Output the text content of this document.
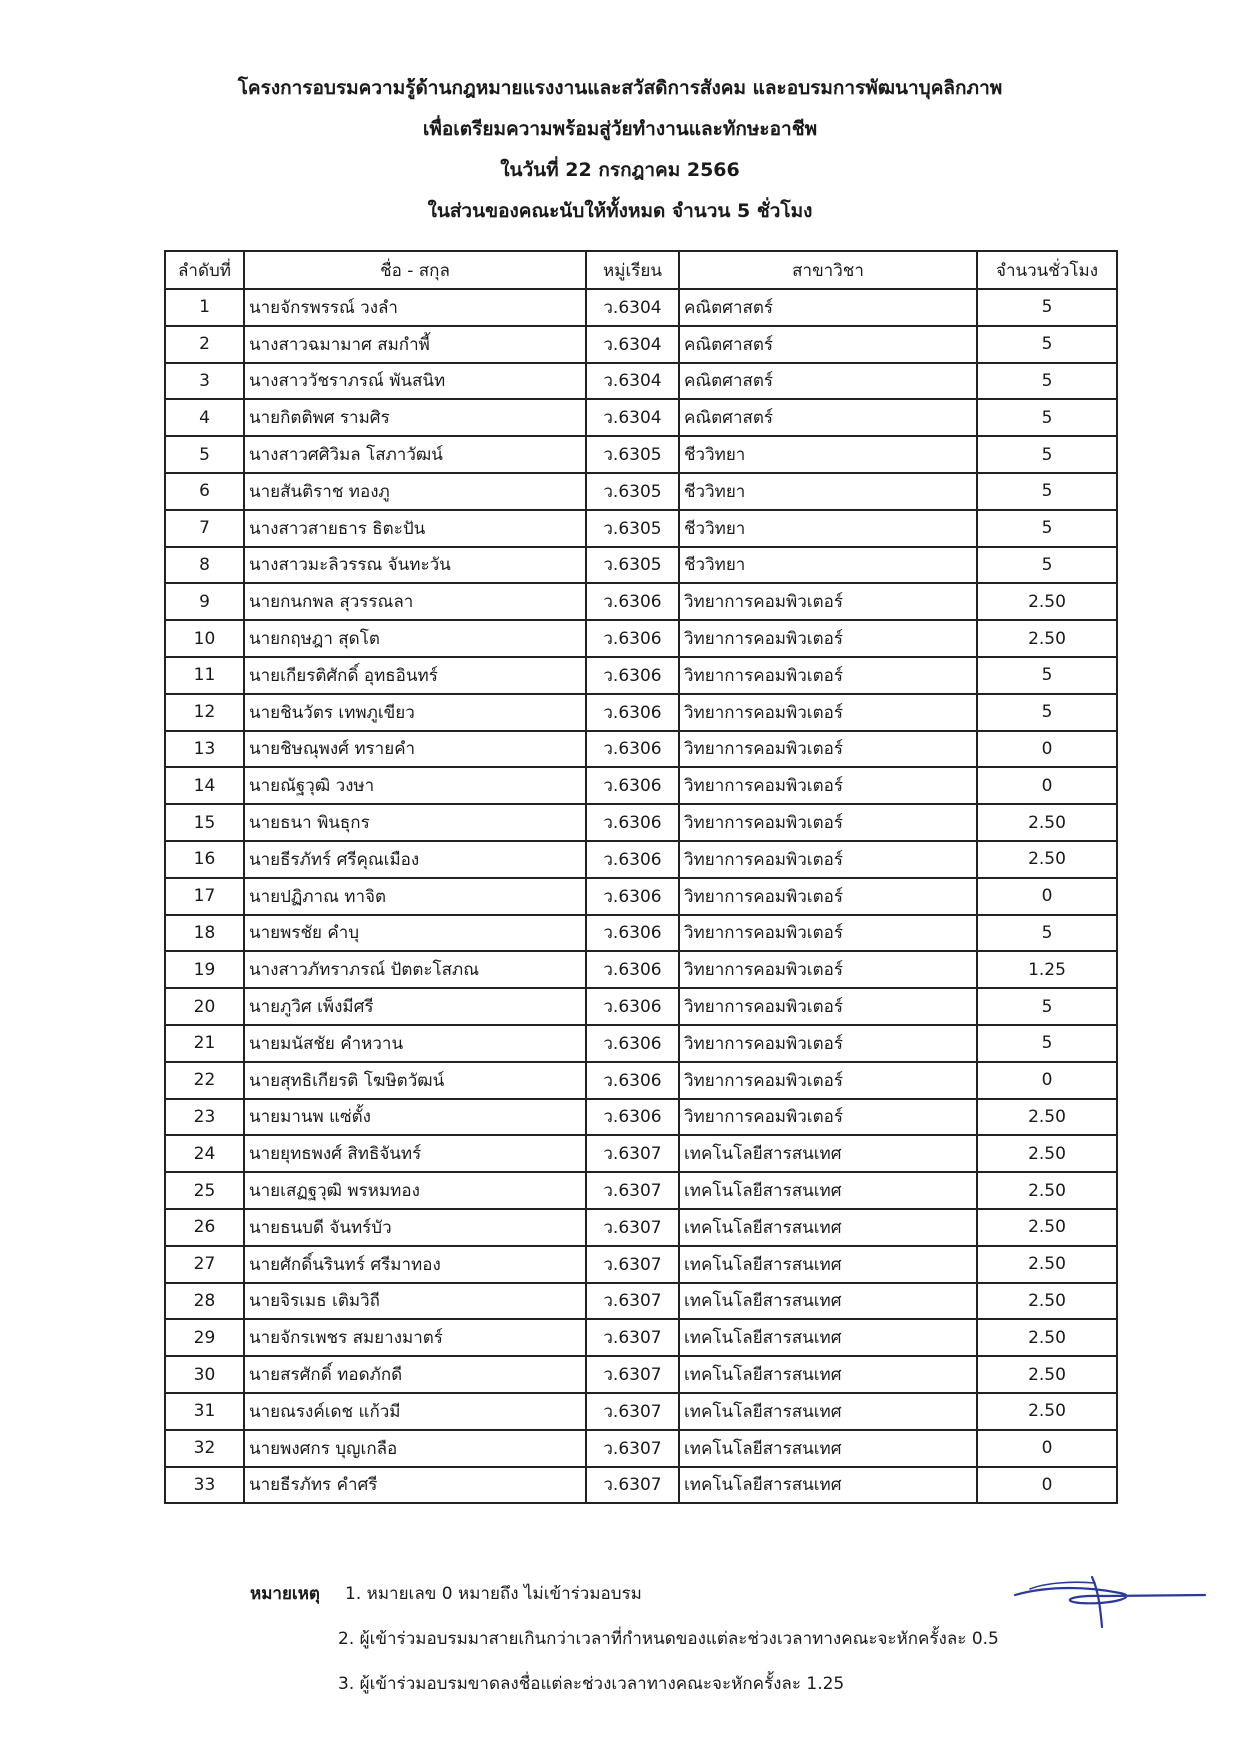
โครงการอบรมความรู้ด้านกฎหมายแรงงานและสวัสดิการสังคม และอบรมการพัฒนาบุคลิกภาพ
เพื่อเตรียมความพร้อมสู่วัยทำงานและทักษะอาชีพ
ในวันที่ 22 กรกฎาคม 2566
ในส่วนของคณะนับให้ทั้งหมด จำนวน 5 ชั่วโมง
ลำดับที่	ชื่อ - สกุล	หมู่เรียน	สาขาวิชา	จำนวนชั่วโมง
1	นายจักรพรรณ์ วงลำ	ว.6304	คณิตศาสตร์	5
2	นางสาวฉมามาศ สมกำพี้	ว.6304	คณิตศาสตร์	5
3	นางสาววัชราภรณ์ พันสนิท	ว.6304	คณิตศาสตร์	5
4	นายกิตติพศ รามศิร	ว.6304	คณิตศาสตร์	5
5	นางสาวศศิวิมล โสภาวัฒน์	ว.6305	ชีววิทยา	5
6	นายสันติราช ทองภู	ว.6305	ชีววิทยา	5
7	นางสาวสายธาร ธิตะปัน	ว.6305	ชีววิทยา	5
8	นางสาวมะลิวรรณ จันทะวัน	ว.6305	ชีววิทยา	5
9	นายกนกพล สุวรรณลา	ว.6306	วิทยาการคอมพิวเตอร์	2.50
10	นายกฤษฎา สุดโต	ว.6306	วิทยาการคอมพิวเตอร์	2.50
11	นายเกียรติศักดิ์ อุทธอินทร์	ว.6306	วิทยาการคอมพิวเตอร์	5
12	นายชินวัตร เทพภูเขียว	ว.6306	วิทยาการคอมพิวเตอร์	5
13	นายชิษณุพงศ์ ทรายคำ	ว.6306	วิทยาการคอมพิวเตอร์	0
14	นายณัฐวุฒิ วงษา	ว.6306	วิทยาการคอมพิวเตอร์	0
15	นายธนา พินธุกร	ว.6306	วิทยาการคอมพิวเตอร์	2.50
16	นายธีรภัทร์ ศรีคุณเมือง	ว.6306	วิทยาการคอมพิวเตอร์	2.50
17	นายปฏิภาณ ทาจิต	ว.6306	วิทยาการคอมพิวเตอร์	0
18	นายพรชัย คำบุ	ว.6306	วิทยาการคอมพิวเตอร์	5
19	นางสาวภัทราภรณ์ ปัตตะโสภณ	ว.6306	วิทยาการคอมพิวเตอร์	1.25
20	นายภูวิศ เพ็งมีศรี	ว.6306	วิทยาการคอมพิวเตอร์	5
21	นายมนัสชัย คำหวาน	ว.6306	วิทยาการคอมพิวเตอร์	5
22	นายสุทธิเกียรติ โฆษิตวัฒน์	ว.6306	วิทยาการคอมพิวเตอร์	0
23	นายมานพ แซ่ตั้ง	ว.6306	วิทยาการคอมพิวเตอร์	2.50
24	นายยุทธพงศ์ สิทธิจันทร์	ว.6307	เทคโนโลยีสารสนเทศ	2.50
25	นายเสฏฐวุฒิ พรหมทอง	ว.6307	เทคโนโลยีสารสนเทศ	2.50
26	นายธนบดี จันทร์บัว	ว.6307	เทคโนโลยีสารสนเทศ	2.50
27	นายศักดิ์นรินทร์ ศรีมาทอง	ว.6307	เทคโนโลยีสารสนเทศ	2.50
28	นายจิรเมธ เติมวิถี	ว.6307	เทคโนโลยีสารสนเทศ	2.50
29	นายจักรเพชร สมยางมาตร์	ว.6307	เทคโนโลยีสารสนเทศ	2.50
30	นายสรศักดิ์ ทอดภักดี	ว.6307	เทคโนโลยีสารสนเทศ	2.50
31	นายณรงค์เดช แก้วมี	ว.6307	เทคโนโลยีสารสนเทศ	2.50
32	นายพงศกร บุญเกลือ	ว.6307	เทคโนโลยีสารสนเทศ	0
33	นายธีรภัทร คำศรี	ว.6307	เทคโนโลยีสารสนเทศ	0
หมายเหตุ 1. หมายเลข 0 หมายถึง ไม่เข้าร่วมอบรม
2. ผู้เข้าร่วมอบรมมาสายเกินกว่าเวลาที่กำหนดของแต่ละช่วงเวลาทางคณะจะหักครั้งละ 0.5
3. ผู้เข้าร่วมอบรมขาดลงชื่อแต่ละช่วงเวลาทางคณะจะหักครั้งละ 1.25
